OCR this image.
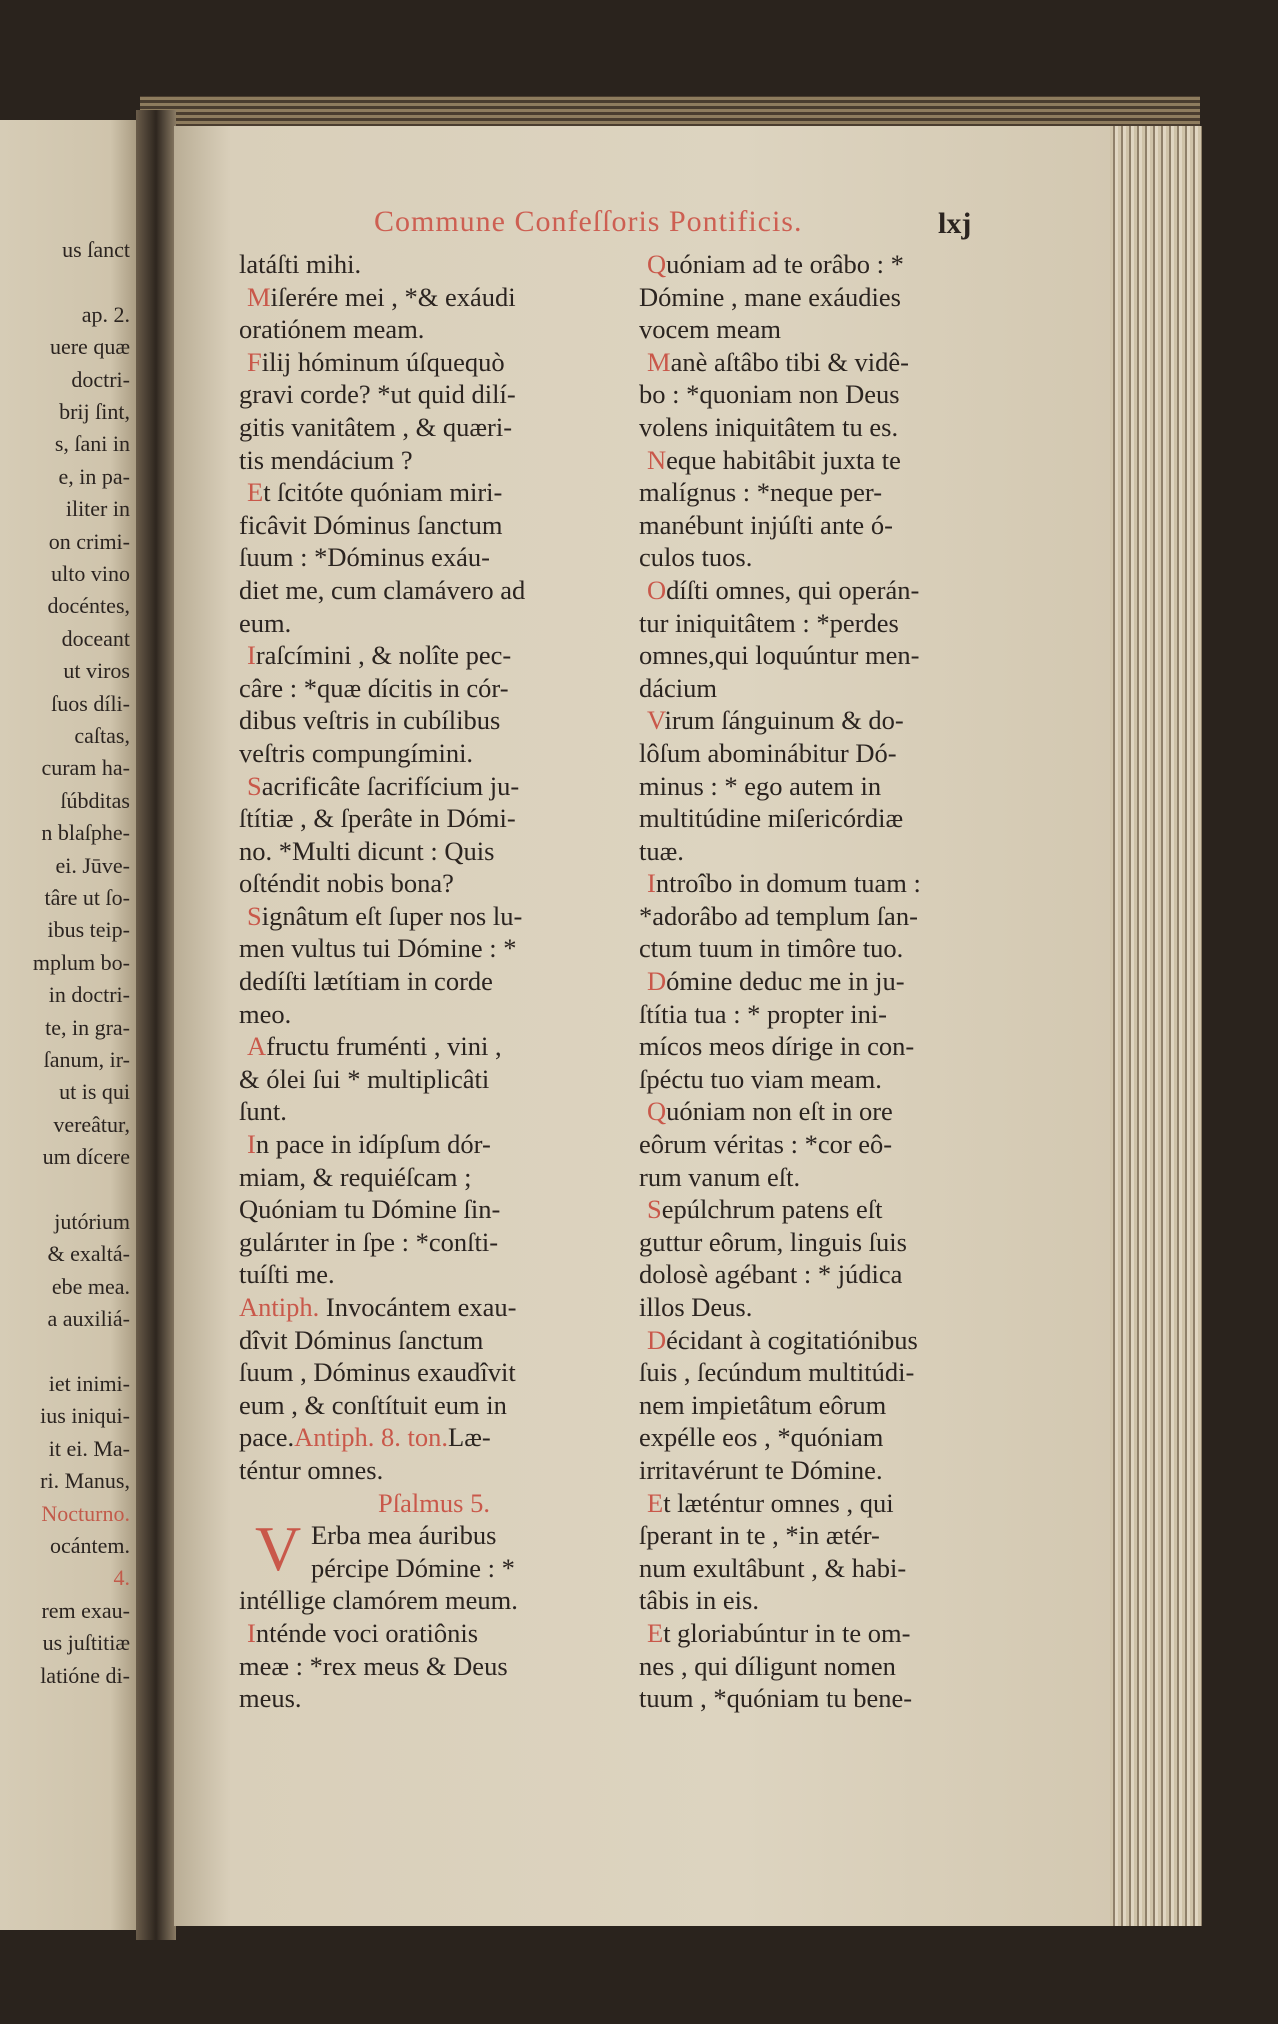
us ſanct
ap. 2.
uere quæ
doctri-
brij ſint,
s, ſani in
e, in pa-
iliter in
on crimi-
ulto vino
docéntes,
doceant
ut viros
ſuos díli-
caſtas,
curam ha-
ſúbditas
n blaſphe-
ei. Jūve-
târe ut ſo-
ibus teip-
mplum bo-
in doctri-
te, in gra-
ſanum, ir-
ut is qui
vereâtur,
um dícere
jutórium
& exaltá-
ebe mea.
a auxiliá-
iet inimi-
ius iniqui-
it ei. Ma-
ri. Manus,
Nocturno.
ocántem.
4.
rem exau-
us juſtitiæ
latióne di-
Commune Confeſſoris Pontificis.	lxj
latáſti mihi.
Miſerére mei , *& exáudi
oratiónem meam.
Filij hóminum úſquequò
gravi corde? *ut quid dilí-
gitis vanitâtem , & quæri-
tis mendácium ?
Et ſcitóte quóniam miri-
ficâvit Dóminus ſanctum
ſuum : *Dóminus exáu-
diet me, cum clamávero ad
eum.
Iraſcímini , & nolîte pec-
câre : *quæ dícitis in cór-
dibus veſtris in cubílibus
veſtris compungímini.
Sacrificâte ſacrifícium ju-
ſtítiæ , & ſperâte in Dómi-
no. *Multi dicunt : Quis
oſténdit nobis bona?
Signâtum eſt ſuper nos lu-
men vultus tui Dómine : *
dedíſti lætítiam in corde
meo.
Afructu fruménti , vini ,
& ólei ſui * multiplicâti
ſunt.
In pace in idípſum dór-
miam, & requiéſcam ;
Quóniam tu Dómine ſin-
gulárıter in ſpe : *conſti-
tuíſti me.
Antiph. Invocántem exau-
dîvit Dóminus ſanctum
ſuum , Dóminus exaudîvit
eum , & conſtítuit eum in
pace.Antiph. 8. ton.Læ-
téntur omnes.
Pſalmus 5.
V Erba mea áuribus
pércipe Dómine : *
intéllige clamórem meum.
Inténde voci oratiônis
meæ : *rex meus & Deus
meus.
Quóniam ad te orâbo : *
Dómine , mane exáudies
vocem meam
Manè aſtâbo tibi & vidê-
bo : *quoniam non Deus
volens iniquitâtem tu es.
Neque habitâbit juxta te
malígnus : *neque per-
manébunt injúſti ante ó-
culos tuos.
Odíſti omnes, qui operán-
tur iniquitâtem : *perdes
omnes,qui loquúntur men-
dácium
Virum ſánguinum & do-
lôſum abominábitur Dó-
minus : * ego autem in
multitúdine miſericórdiæ
tuæ.
Introîbo in domum tuam :
*adorâbo ad templum ſan-
ctum tuum in timôre tuo.
Dómine deduc me in ju-
ſtítia tua : * propter ini-
mícos meos dírige in con-
ſpéctu tuo viam meam.
Quóniam non eſt in ore
eôrum véritas : *cor eô-
rum vanum eſt.
Sepúlchrum patens eſt
guttur eôrum, linguis ſuis
dolosè agébant : * júdica
illos Deus.
Décidant à cogitatiónibus
ſuis , ſecúndum multitúdi-
nem impietâtum eôrum
expélle eos , *quóniam
irritavérunt te Dómine.
Et læténtur omnes , qui
ſperant in te , *in ætér-
num exultâbunt , & habi-
tâbis in eis.
Et gloriabúntur in te om-
nes , qui díligunt nomen
tuum , *quóniam tu bene-
